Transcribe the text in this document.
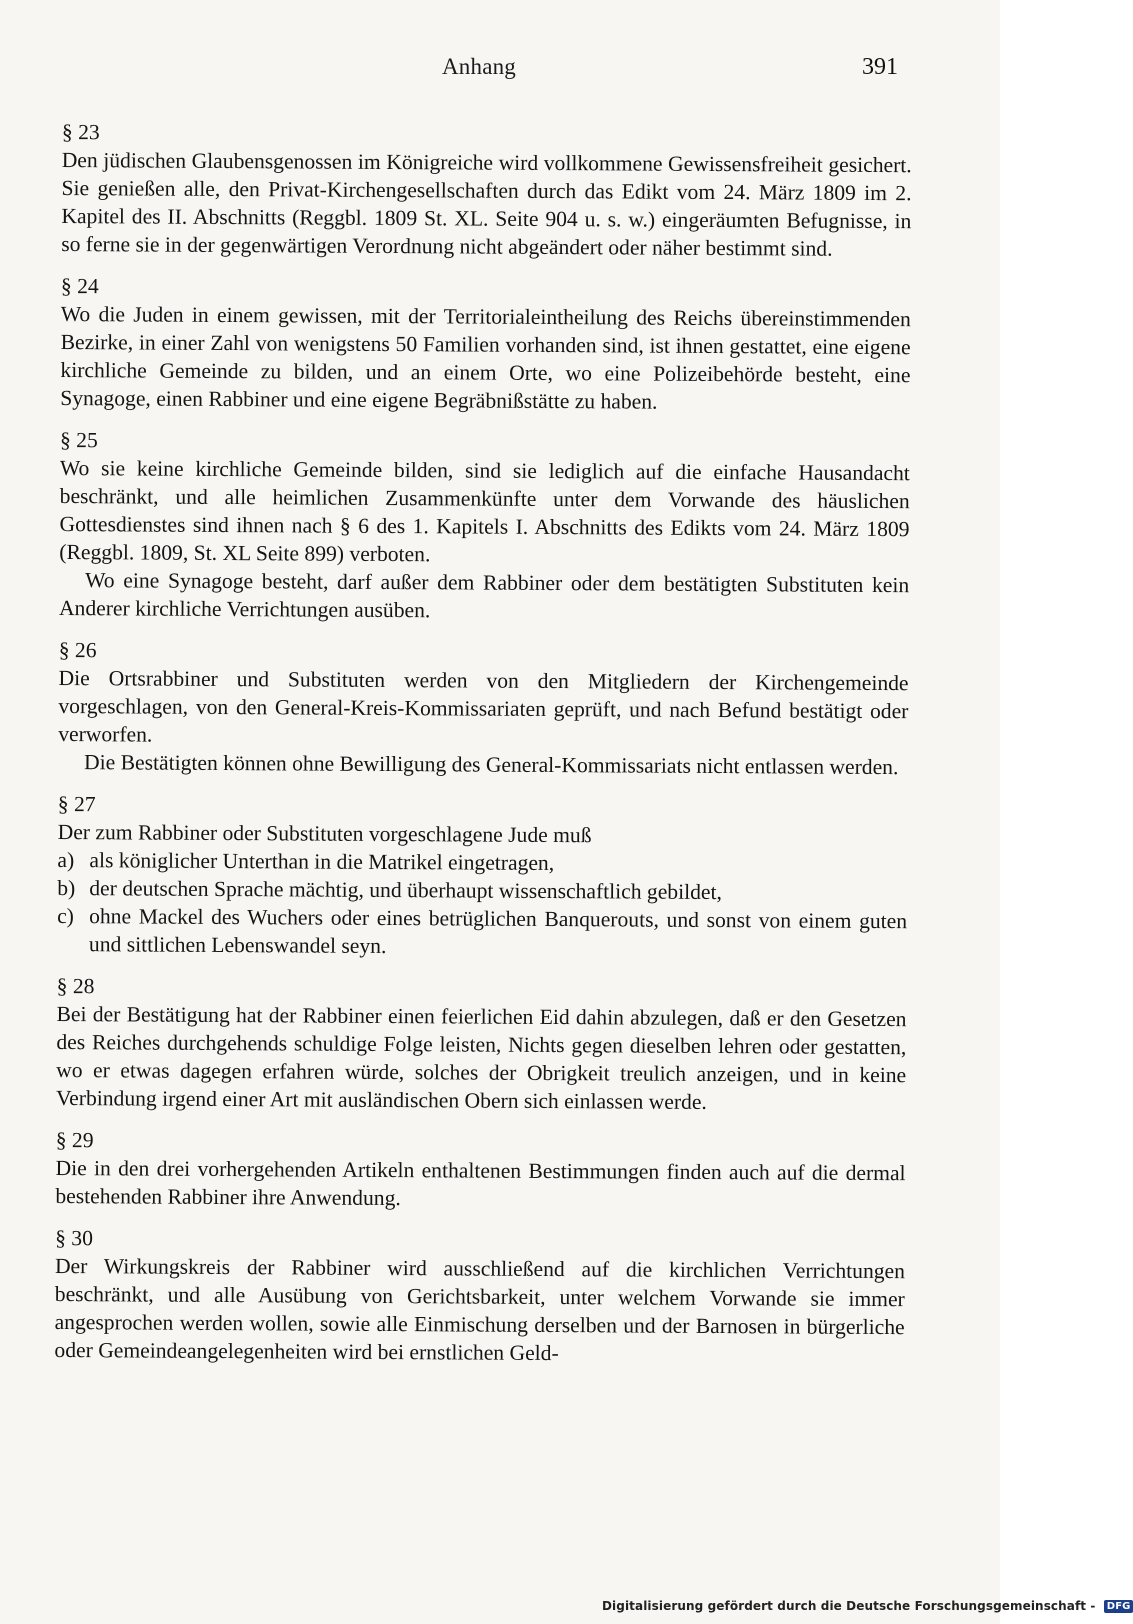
Anhang	391
§ 23

Den jüdischen Glaubensgenossen im Königreiche wird vollkommene Gewissensfreiheit gesichert. Sie genießen alle, den Privat-Kirchengesellschaften durch das Edikt vom 24. März 1809 im 2. Kapitel des II. Abschnitts (Reggbl. 1809 St. XL. Seite 904 u. s. w.) eingeräumten Befugnisse, in so ferne sie in der gegenwärtigen Verordnung nicht abgeändert oder näher bestimmt sind.

§ 24

Wo die Juden in einem gewissen, mit der Territorialeintheilung des Reichs übereinstimmenden Bezirke, in einer Zahl von wenigstens 50 Familien vorhanden sind, ist ihnen gestattet, eine eigene kirchliche Gemeinde zu bilden, und an einem Orte, wo eine Polizeibehörde besteht, eine Synagoge, einen Rabbiner und eine eigene Begräbnißstätte zu haben.

§ 25

Wo sie keine kirchliche Gemeinde bilden, sind sie lediglich auf die einfache Hausandacht beschränkt, und alle heimlichen Zusammenkünfte unter dem Vorwande des häuslichen Gottesdienstes sind ihnen nach § 6 des 1. Kapitels I. Abschnitts des Edikts vom 24. März 1809 (Reggbl. 1809, St. XL Seite 899) verboten.

Wo eine Synagoge besteht, darf außer dem Rabbiner oder dem bestätigten Substituten kein Anderer kirchliche Verrichtungen ausüben.

§ 26

Die Ortsrabbiner und Substituten werden von den Mitgliedern der Kirchengemeinde vorgeschlagen, von den General-Kreis-Kommissariaten geprüft, und nach Befund bestätigt oder verworfen.

Die Bestätigten können ohne Bewilligung des General-Kommissariats nicht entlassen werden.

§ 27

Der zum Rabbiner oder Substituten vorgeschlagene Jude muß

a) als königlicher Unterthan in die Matrikel eingetragen,
b) der deutschen Sprache mächtig, und überhaupt wissenschaftlich gebildet,
c) ohne Mackel des Wuchers oder eines betrüglichen Banquerouts, und sonst von einem guten und sittlichen Lebenswandel seyn.
§ 28

Bei der Bestätigung hat der Rabbiner einen feierlichen Eid dahin abzulegen, daß er den Gesetzen des Reiches durchgehends schuldige Folge leisten, Nichts gegen dieselben lehren oder gestatten, wo er etwas dagegen erfahren würde, solches der Obrigkeit treulich anzeigen, und in keine Verbindung irgend einer Art mit ausländischen Obern sich einlassen werde.

§ 29

Die in den drei vorhergehenden Artikeln enthaltenen Bestimmungen finden auch auf die dermal bestehenden Rabbiner ihre Anwendung.

§ 30

Der Wirkungskreis der Rabbiner wird ausschließend auf die kirchlichen Verrichtungen beschränkt, und alle Ausübung von Gerichtsbarkeit, unter welchem Vorwande sie immer angesprochen werden wollen, sowie alle Einmischung derselben und der Barnosen in bürgerliche oder Gemeindeangelegenheiten wird bei ernstlichen Geld-

Digitalisierung gefördert durch die Deutsche Forschungsgemeinschaft - DFG
